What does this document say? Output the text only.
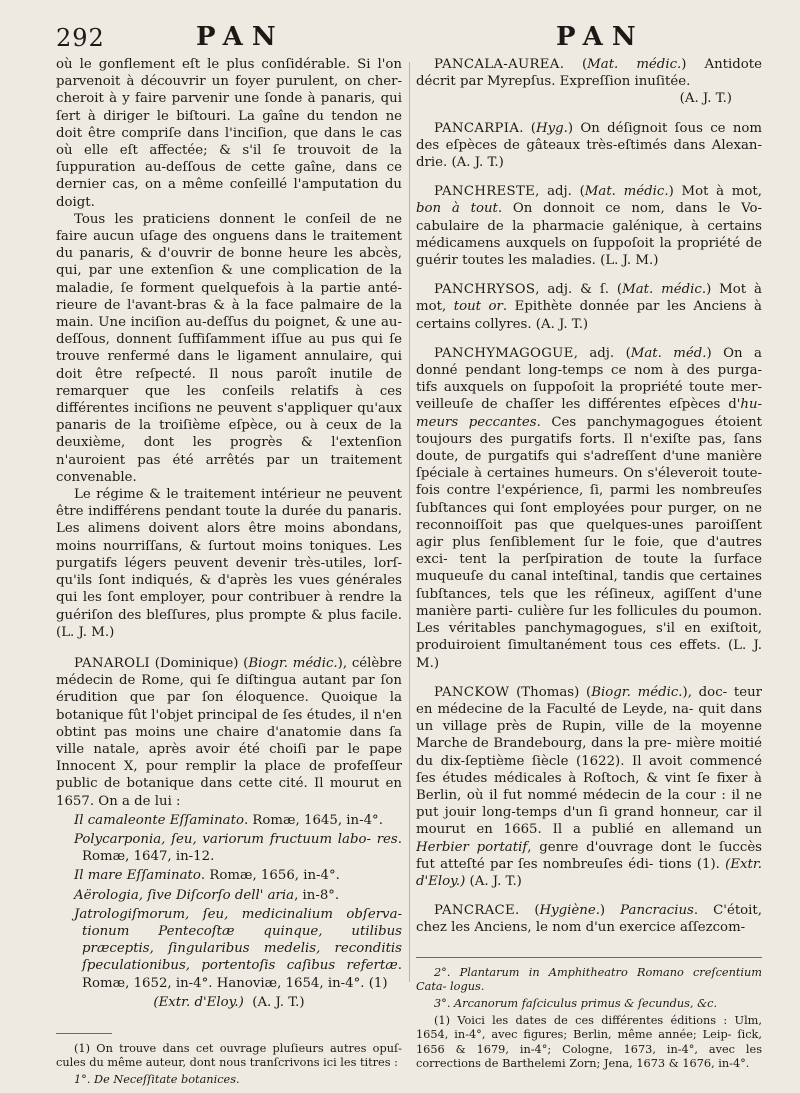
292	PAN	PAN

où le gonflement eſt le plus conſidérable. Si l'on parvenoit à découvrir un foyer purulent, on cher- cheroit à y faire parvenir une ſonde à panaris, qui ſert à diriger le biſtouri. La gaîne du tendon ne doit être compriſe dans l'inciſion, que dans le cas où elle eſt affectée; & s'il ſe trouvoit de la ſuppuration au-deſſous de cette gaîne, dans ce dernier cas, on a même conſeillé l'amputation du doigt.

Tous les praticiens donnent le conſeil de ne faire aucun uſage des onguens dans le traitement du panaris, & d'ouvrir de bonne heure les abcès, qui, par une extenſion & une complication de la maladie, ſe forment quelquefois à la partie anté- rieure de l'avant-bras & à la face palmaire de la main. Une inciſion au-deſſus du poignet, & une au-deſſous, donnent ſuffiſamment iſſue au pus qui ſe trouve renfermé dans le ligament annulaire, qui doit être reſpecté. Il nous paroît inutile de remarquer que les conſeils relatifs à ces différentes inciſions ne peuvent s'appliquer qu'aux panaris de la troiſième eſpèce, ou à ceux de la deuxième, dont les progrès & l'extenſion n'auroient pas été arrêtés par un traitement convenable.

Le régime & le traitement intérieur ne peuvent être indifférens pendant toute la durée du panaris. Les alimens doivent alors être moins abondans, moins nourriſſans, & ſurtout moins toniques. Les purgatifs légers peuvent devenir très-utiles, lorſ- qu'ils ſont indiqués, & d'après les vues générales qui les ſont employer, pour contribuer à rendre la guériſon des bleſſures, plus prompte & plus facile. (L. J. M.)

PANAROLI (Dominique) (Biogr. médic.), célèbre médecin de Rome, qui ſe diſtingua autant par ſon érudition que par ſon éloquence. Quoique la botanique fût l'objet principal de ſes études, il n'en obtint pas moins une chaire d'anatomie dans ſa ville natale, après avoir été choiſi par le pape Innocent X, pour remplir la place de profeſſeur public de botanique dans cette cité. Il mourut en 1657. On a de lui :

Il camaleonte Eſſaminato. Romæ, 1645, in-4°.

Polycarponia, ſeu, variorum fructuum labo- res. Romæ, 1647, in-12.

Il mare Eſſaminato. Romæ, 1656, in-4°.

Aërologia, ſive Diſcorſo dell' aria, in-8°.

Jatrologiſmorum, ſeu, medicinalium obſerva- tionum Pentecoſtæ quinque, utilibus præceptis, ſingularibus medelis, reconditis ſpeculationibus, portentoſis caſibus refertæ. Romæ, 1652, in-4°. Hanoviæ, 1654, in-4°. (1)

(Extr. d'Eloy.) (A. J. T.)

(1) On trouve dans cet ouvrage pluſieurs autres opuſ- cules du même auteur, dont nous tranſcrivons ici les titres :

1°. De Neceſſitate botanices.

PANCALA-AUREA. (Mat. médic.) Antidote décrit par Myrepſus. Expreſſion inuſitée.

(A. J. T.)

PANCARPIA. (Hyg.) On déſignoit ſous ce nom des eſpèces de gâteaux très-eſtimés dans Alexan- drie. (A. J. T.)

PANCHRESTE, adj. (Mat. médic.) Mot à mot, bon à tout. On donnoit ce nom, dans le Vo- cabulaire de la pharmacie galénique, à certains médicamens auxquels on ſuppoſoit la propriété de guérir toutes les maladies. (L. J. M.)

PANCHRYSOS, adj. & ſ. (Mat. médic.) Mot à mot, tout or. Epithète donnée par les Anciens à certains collyres. (A. J. T.)

PANCHYMAGOGUE, adj. (Mat. méd.) On a donné pendant long-temps ce nom à des purga- tifs auxquels on ſuppoſoit la propriété toute mer- veilleuſe de chaſſer les différentes eſpèces d'hu- meurs peccantes. Ces panchymagogues étoient toujours des purgatifs forts. Il n'exiſte pas, ſans doute, de purgatifs qui s'adreſſent d'une manière ſpéciale à certaines humeurs. On s'éleveroit toute- fois contre l'expérience, ſi, parmi les nombreuſes ſubſtances qui ſont employées pour purger, on ne reconnoiſſoit pas que quelques-unes paroiſſent agir plus ſenſiblement ſur le foie, que d'autres exci- tent la perſpiration de toute la ſurface muqueuſe du canal inteſtinal, tandis que certaines ſubſtances, tels que les réſineux, agiſſent d'une manière parti- culière ſur les follicules du poumon. Les véritables panchymagogues, s'il en exiſtoit, produiroient ſimultanément tous ces effets. (L. J. M.)

PANCKOW (Thomas) (Biogr. médic.), doc- teur en médecine de la Faculté de Leyde, na- quit dans un village près de Rupin, ville de la moyenne Marche de Brandebourg, dans la pre- mière moitié du dix-ſeptième ſiècle (1622). Il avoit commencé ſes études médicales à Roſtoch, & vint ſe fixer à Berlin, où il fut nommé médecin de la cour : il ne put jouir long-temps d'un ſi grand honneur, car il mourut en 1665. Il a publié en allemand un Herbier portatif, genre d'ouvrage dont le ſuccès fut atteſté par ſes nombreuſes édi- tions (1). (Extr. d'Eloy.) (A. J. T.)

PANCRACE. (Hygiène.) Pancracius. C'étoit, chez les Anciens, le nom d'un exercice aſſezcom-

2°. Plantarum in Amphitheatro Romano creſcentium Cata- logus.

3°. Arcanorum faſciculus primus & ſecundus, &c.

(1) Voici les dates de ces différentes éditions : Ulm, 1654, in-4°, avec figures; Berlin, même année; Leip- ſick, 1656 & 1679, in-4°; Cologne, 1673, in-4°, avec les corrections de Barthelemi Zorn; Jena, 1673 & 1676, in-4°.
